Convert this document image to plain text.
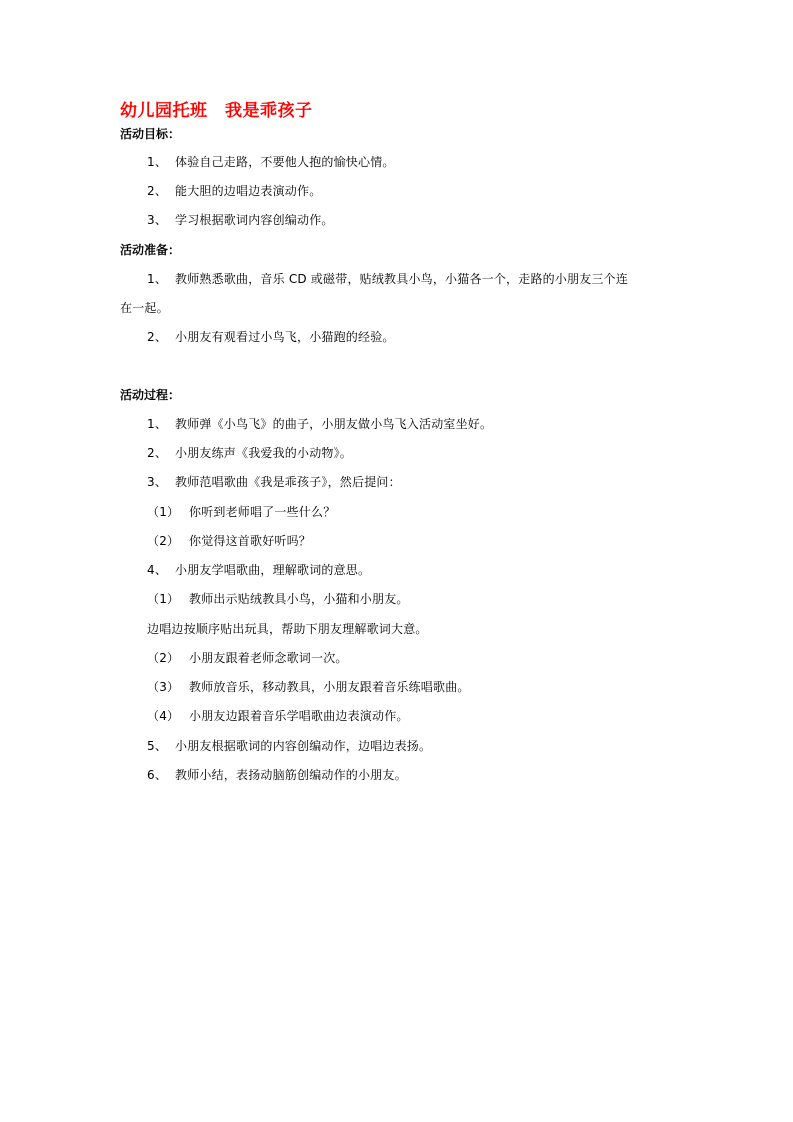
幼儿园托班　我是乖孩子
活动目标：
1、 体验自己走路，不要他人抱的愉快心情。
2、 能大胆的边唱边表演动作。
3、 学习根据歌词内容创编动作。
活动准备：
1、 教师熟悉歌曲，音乐 CD 或磁带，贴绒教具小鸟，小猫各一个，走路的小朋友三个连
在一起。
2、 小朋友有观看过小鸟飞，小猫跑的经验。
活动过程：
1、 教师弹《小鸟飞》的曲子，小朋友做小鸟飞入活动室坐好。
2、 小朋友练声《我爱我的小动物》。
3、 教师范唱歌曲《我是乖孩子》，然后提问：
（1） 你听到老师唱了一些什么？
（2） 你觉得这首歌好听吗？
4、 小朋友学唱歌曲，理解歌词的意思。
（1） 教师出示贴绒教具小鸟，小猫和小朋友。
边唱边按顺序贴出玩具，帮助下朋友理解歌词大意。
（2） 小朋友跟着老师念歌词一次。
（3） 教师放音乐，移动教具，小朋友跟着音乐练唱歌曲。
（4） 小朋友边跟着音乐学唱歌曲边表演动作。
5、 小朋友根据歌词的内容创编动作，边唱边表扬。
6、 教师小结，表扬动脑筋创编动作的小朋友。
